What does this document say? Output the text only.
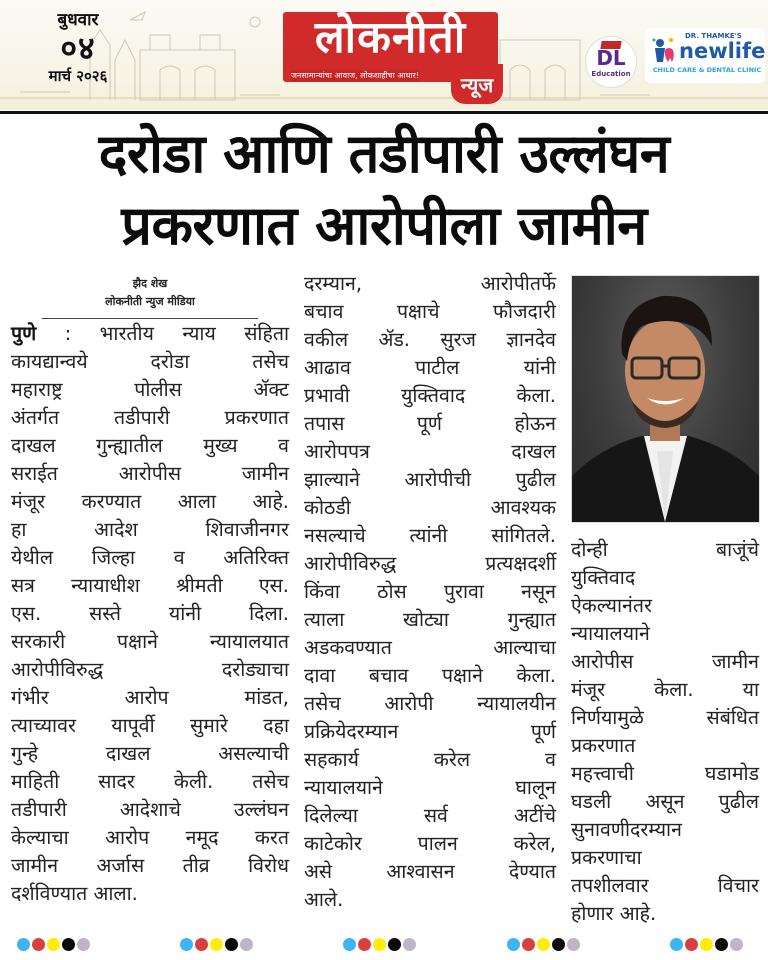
बुधवार
०४
मार्च २०२६
लोकनीती
जनसामान्यांचा आवाज, लोकशाहीचा आधार!	न्यूज
DL
Education
DR. THAMKE'S
newlife
CHILD CARE & DENTAL CLINIC
दरोडा आणि तडीपारी उल्लंघन
प्रकरणात आरोपीला जामीन
झैद शेख
लोकनीती न्युज मीडिया
पुणे : भारतीय न्याय संहिता
कायद्यान्वये दरोडा तसेच
महाराष्ट्र पोलीस ॲक्ट
अंतर्गत तडीपारी प्रकरणात
दाखल गुन्ह्यातील मुख्य व
सराईत आरोपीस जामीन
मंजूर करण्यात आला आहे.
हा आदेश शिवाजीनगर
येथील जिल्हा व अतिरिक्त
सत्र न्यायाधीश श्रीमती एस.
एस. सस्ते यांनी दिला.
सरकारी पक्षाने न्यायालयात
आरोपीविरुद्ध दरोड्याचा
गंभीर आरोप मांडत,
त्याच्यावर यापूर्वी सुमारे दहा
गुन्हे दाखल असल्याची
माहिती सादर केली. तसेच
तडीपारी आदेशाचे उल्लंघन
केल्याचा आरोप नमूद करत
जामीन अर्जास तीव्र विरोध
दर्शविण्यात आला.
दरम्यान, आरोपीतर्फे
बचाव पक्षाचे फौजदारी
वकील ॲड. सुरज ज्ञानदेव
आढाव पाटील यांनी
प्रभावी युक्तिवाद केला.
तपास पूर्ण होऊन
आरोपपत्र दाखल
झाल्याने आरोपीची पुढील
कोठडी आवश्यक
नसल्याचे त्यांनी सांगितले.
आरोपीविरुद्ध प्रत्यक्षदर्शी
किंवा ठोस पुरावा नसून
त्याला खोट्या गुन्ह्यात
अडकवण्यात आल्याचा
दावा बचाव पक्षाने केला.
तसेच आरोपी न्यायालयीन
प्रक्रियेदरम्यान पूर्ण
सहकार्य करेल व
न्यायालयाने घालून
दिलेल्या सर्व अटींचे
काटेकोर पालन करेल,
असे आश्वासन देण्यात
आले.
दोन्ही बाजूंचे
युक्तिवाद
ऐकल्यानंतर
न्यायालयाने
आरोपीस जामीन
मंजूर केला. या
निर्णयामुळे संबंधित
प्रकरणात
महत्त्वाची घडामोड
घडली असून पुढील
सुनावणीदरम्यान
प्रकरणाचा
तपशीलवार विचार
होणार आहे.
